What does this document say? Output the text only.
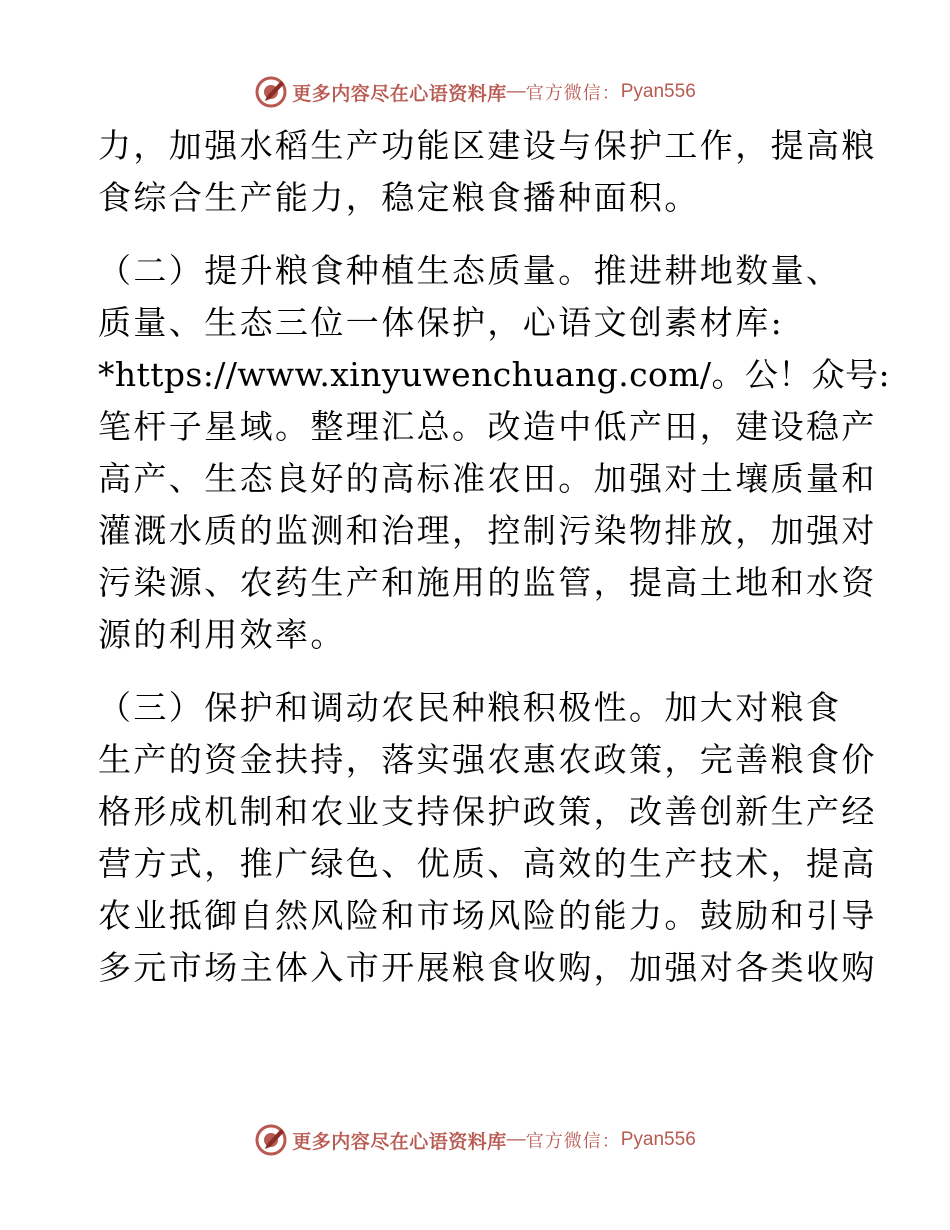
更多内容尽在心语资料库 — 官方微信： Pyan556
力，加强水稻生产功能区建设与保护工作，提高粮
食综合生产能力，稳定粮食播种面积。
（二）提升粮食种植生态质量。推进耕地数量、
质量、生态三位一体保护，心语文创素材库:
*https://www.xinyuwenchuang.com/。公！众号:
笔杆子星域。整理汇总。改造中低产田，建设稳产
高产、生态良好的高标准农田。加强对土壤质量和
灌溉水质的监测和治理，控制污染物排放，加强对
污染源、农药生产和施用的监管，提高土地和水资
源的利用效率。
（三）保护和调动农民种粮积极性。加大对粮食
生产的资金扶持，落实强农惠农政策，完善粮食价
格形成机制和农业支持保护政策，改善创新生产经
营方式，推广绿色、优质、高效的生产技术，提高
农业抵御自然风险和市场风险的能力。鼓励和引导
多元市场主体入市开展粮食收购，加强对各类收购
更多内容尽在心语资料库 — 官方微信： Pyan556
